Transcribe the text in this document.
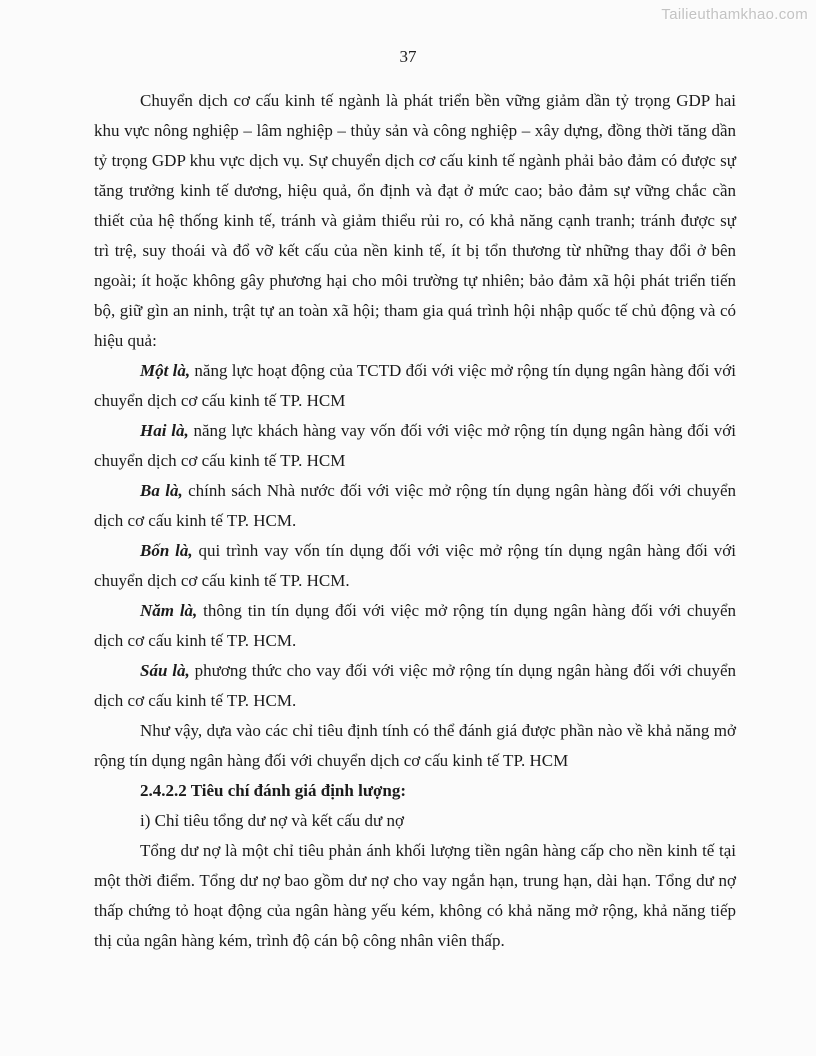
Tailieuthamkhao.com
37

Chuyển dịch cơ cấu kinh tế ngành là phát triển bền vững giảm dần tỷ trọng GDP hai khu vực nông nghiệp – lâm nghiệp – thủy sản và công nghiệp – xây dựng, đồng thời tăng dần tỷ trọng GDP khu vực dịch vụ. Sự chuyển dịch cơ cấu kinh tế ngành phải bảo đảm có được sự tăng trưởng kinh tế dương, hiệu quả, ổn định và đạt ở mức cao; bảo đảm sự vững chắc cần thiết của hệ thống kinh tế, tránh và giảm thiểu rủi ro, có khả năng cạnh tranh; tránh được sự trì trệ, suy thoái và đổ vỡ kết cấu của nền kinh tế, ít bị tổn thương từ những thay đổi ở bên ngoài; ít hoặc không gây phương hại cho môi trường tự nhiên; bảo đảm xã hội phát triển tiến bộ, giữ gìn an ninh, trật tự an toàn xã hội; tham gia quá trình hội nhập quốc tế chủ động và có hiệu quả:

Một là, năng lực hoạt động của TCTD đối với việc mở rộng tín dụng ngân hàng đối với chuyển dịch cơ cấu kinh tế TP. HCM

Hai là, năng lực khách hàng vay vốn đối với việc mở rộng tín dụng ngân hàng đối với chuyển dịch cơ cấu kinh tế TP. HCM

Ba là, chính sách Nhà nước đối với việc mở rộng tín dụng ngân hàng đối với chuyển dịch cơ cấu kinh tế TP. HCM.

Bốn là, qui trình vay vốn tín dụng đối với việc mở rộng tín dụng ngân hàng đối với chuyển dịch cơ cấu kinh tế TP. HCM.

Năm là, thông tin tín dụng đối với việc mở rộng tín dụng ngân hàng đối với chuyển dịch cơ cấu kinh tế TP. HCM.

Sáu là, phương thức cho vay đối với việc mở rộng tín dụng ngân hàng đối với chuyển dịch cơ cấu kinh tế TP. HCM.

Như vậy, dựa vào các chỉ tiêu định tính có thể đánh giá được phần nào về khả năng mở rộng tín dụng ngân hàng đối với chuyển dịch cơ cấu kinh tế TP. HCM

2.4.2.2 Tiêu chí đánh giá định lượng:

i) Chỉ tiêu tổng dư nợ và kết cấu dư nợ

Tổng dư nợ là một chỉ tiêu phản ánh khối lượng tiền ngân hàng cấp cho nền kinh tế tại một thời điểm. Tổng dư nợ bao gồm dư nợ cho vay ngắn hạn, trung hạn, dài hạn. Tổng dư nợ thấp chứng tỏ hoạt động của ngân hàng yếu kém, không có khả năng mở rộng, khả năng tiếp thị của ngân hàng kém, trình độ cán bộ công nhân viên thấp.
